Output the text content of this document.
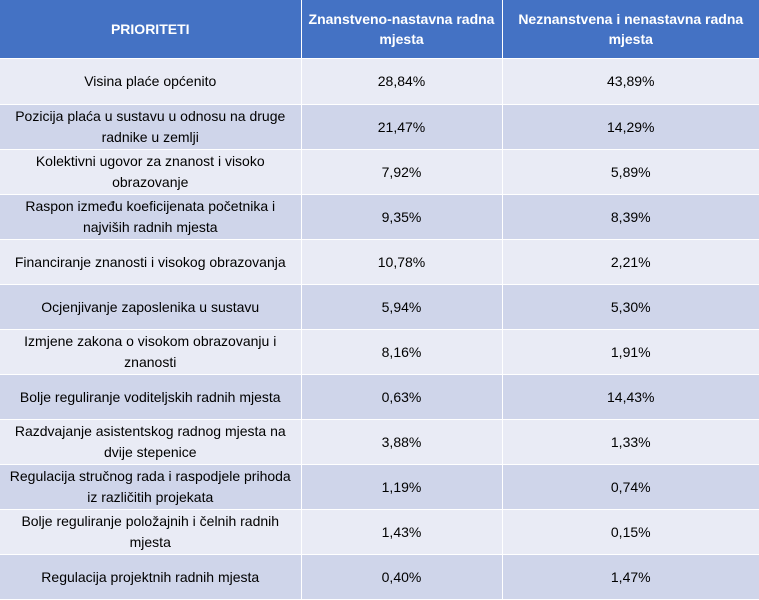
PRIORITETI	Znanstveno-nastavna radna mjesta	Neznanstvena i nenastavna radna mjesta
Visina plaće općenito	28,84%	43,89%
Pozicija plaća u sustavu u odnosu na druge radnike u zemlji	21,47%	14,29%
Kolektivni ugovor za znanost i visoko obrazovanje	7,92%	5,89%
Raspon između koeficijenata početnika i najviših radnih mjesta	9,35%	8,39%
Financiranje znanosti i visokog obrazovanja	10,78%	2,21%
Ocjenjivanje zaposlenika u sustavu	5,94%	5,30%
Izmjene zakona o visokom obrazovanju i znanosti	8,16%	1,91%
Bolje reguliranje voditeljskih radnih mjesta	0,63%	14,43%
Razdvajanje asistentskog radnog mjesta na dvije stepenice	3,88%	1,33%
Regulacija stručnog rada i raspodjele prihoda iz različitih projekata	1,19%	0,74%
Bolje reguliranje položajnih i čelnih radnih mjesta	1,43%	0,15%
Regulacija projektnih radnih mjesta	0,40%	1,47%
